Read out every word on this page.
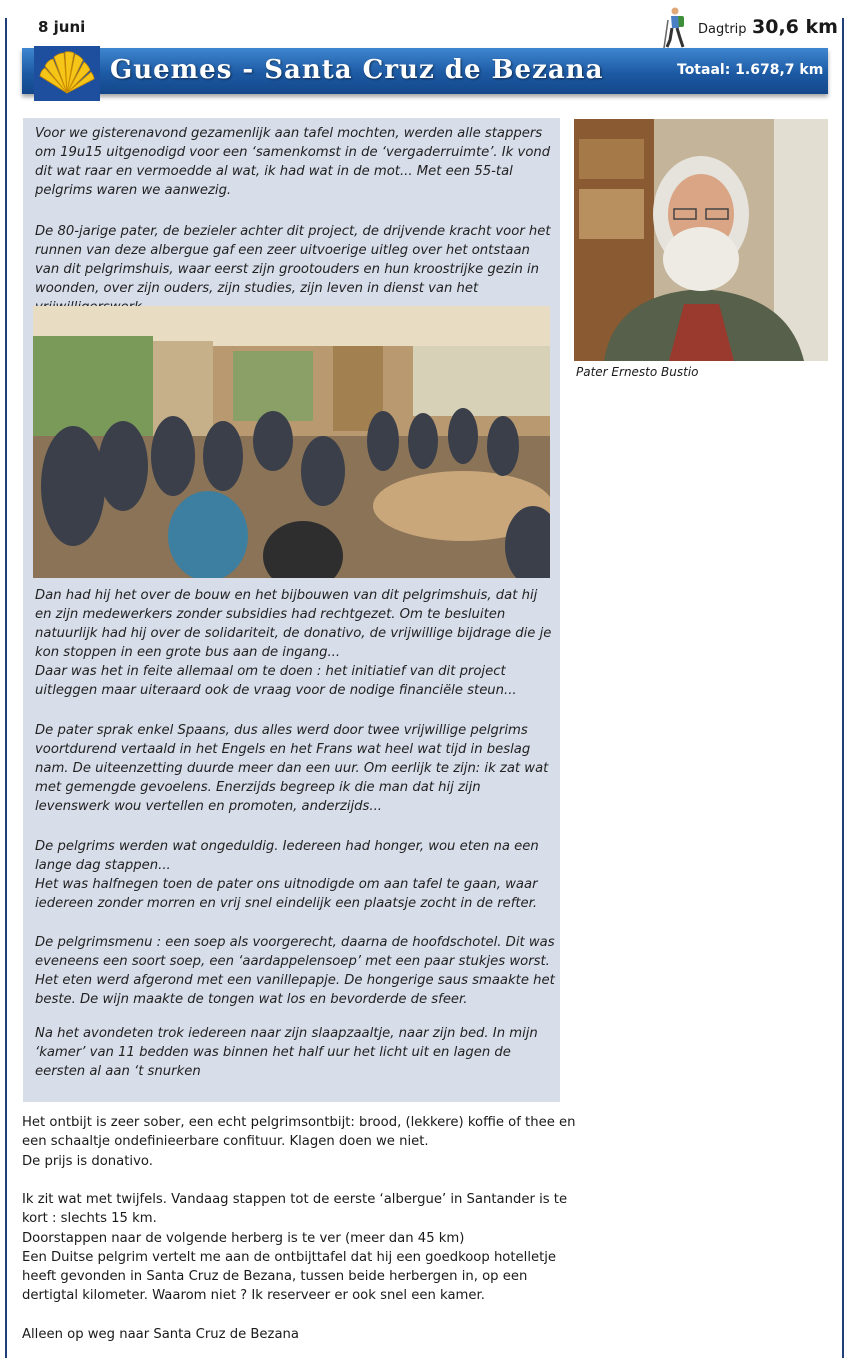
8 juni	Dagtrip 30,6 km
Guemes - Santa Cruz de Bezana	Totaal: 1.678,7 km

Voor we gisterenavond gezamenlijk aan tafel mochten, werden alle stappers om 19u15 uitgenodigd voor een ‘samenkomst in de ‘vergaderruimte’. Ik vond dit wat raar en vermoedde al wat, ik had wat in de mot... Met een 55-tal pelgrims waren we aanwezig.

De 80-jarige pater, de bezieler achter dit project, de drijvende kracht voor het runnen van deze albergue gaf een zeer uitvoerige uitleg over het ontstaan van dit pelgrimshuis, waar eerst zijn grootouders en hun kroostrijke gezin in woonden, over zijn ouders, zijn studies, zijn leven in dienst van het

Dan had hij het over de bouw en het bijbouwen van dit pelgrimshuis, dat hij en zijn medewerkers zonder subsidies had rechtgezet. Om te besluiten natuurlijk had hij over de solidariteit, de donativo, de vrijwillige bijdrage die je kon stoppen in een grote bus aan de ingang...

Daar was het in feite allemaal om te doen : het initiatief van dit project uitleggen maar uiteraard ook de vraag voor de nodige financiële steun...

De pater sprak enkel Spaans, dus alles werd door twee vrijwillige pelgrims voortdurend vertaald in het Engels en het Frans wat heel wat tijd in beslag nam. De uiteenzetting duurde meer dan een uur. Om eerlijk te zijn: ik zat wat met gemengde gevoelens. Enerzijds begreep ik die man dat hij zijn levenswerk wou vertellen en promoten, anderzijds...

De pelgrims werden wat ongeduldig. Iedereen had honger, wou eten na een lange dag stappen...

Het was halfnegen toen de pater ons uitnodigde om aan tafel te gaan, waar iedereen zonder morren en vrij snel eindelijk een plaatsje zocht in de refter.

De pelgrimsmenu : een soep als voorgerecht, daarna de hoofdschotel. Dit was eveneens een soort soep, een ‘aardappelensoep’ met een paar stukjes worst. Het eten werd afgerond met een vanillepapje. De hongerige saus smaakte het beste. De wijn maakte de tongen wat los en bevorderde de sfeer.

Na het avondeten trok iedereen naar zijn slaapzaaltje, naar zijn bed. In mijn ‘kamer’ van 11 bedden was binnen het half uur het licht uit en lagen de eersten al aan ‘t snurken

Pater Ernesto Bustio

Het ontbijt is zeer sober, een echt pelgrimsontbijt: brood, (lekkere) koffie of thee en een schaaltje ondefinieerbare confituur. Klagen doen we niet.
De prijs is donativo.

Ik zit wat met twijfels. Vandaag stappen tot de eerste ‘albergue’ in Santander is te kort : slechts 15 km.
Doorstappen naar de volgende herberg is te ver (meer dan 45 km)
Een Duitse pelgrim vertelt me aan de ontbijttafel dat hij een goedkoop hotelletje heeft gevonden in Santa Cruz de Bezana, tussen beide herbergen in, op een dertigtal kilometer. Waarom niet ? Ik reserveer er ook snel een kamer.

Alleen op weg naar Santa Cruz de Bezana
